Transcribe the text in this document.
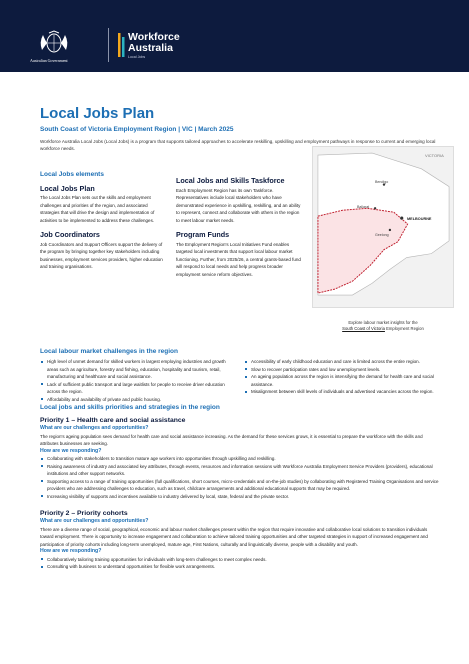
Australian Government
Workforce
Australia
Local Jobs
Local Jobs Plan
South Coast of Victoria Employment Region | VIC | March 2025
Workforce Australia Local Jobs (Local Jobs) is a program that supports tailored approaches to accelerate reskilling, upskilling and employment pathways in response to current and emerging local workforce needs.
Local Jobs elements
Local Jobs Plan
The Local Jobs Plan sets out the skills and employment challenges and priorities of the region, and associated strategies that will drive the design and implementation of activities to be implemented to address these challenges.
Job Coordinators
Job Coordinators and Support Officers support the delivery of the program by bringing together key stakeholders including businesses, employment services providers, higher education and training organisations.
Local Jobs and Skills Taskforce
Each Employment Region has its own Taskforce. Representatives include local stakeholders who have demonstrated experience in upskilling, reskilling, and an ability to represent, connect and collaborate with others in the region to meet labour market needs.
Program Funds
The Employment Region's Local Initiatives Fund enables targeted local investments that support local labour market functioning. Further, from 2025/26, a central grants-based fund will respond to local needs and help progress broader employment service reform objectives.
VICTORIA
Bendigo
Ballarat
MELBOURNE
Geelong
Explore labour market insights for the
South Coast of Victoria Employment Region
Local labour market challenges in the region
High level of unmet demand for skilled workers in largest employing industries and growth areas such as agriculture, forestry and fishing, education, hospitality and tourism, retail, manufacturing and healthcare and social assistance.
Lack of sufficient public transport and large waitlists for people to receive driver education across the region.
Affordability and availability of private and public housing.
Accessibility of early childhood education and care is limited across the entire region.
Slow to recover participation rates and low unemployment levels.
An ageing population across the region is intensifying the demand for health care and social assistance.
Misalignment between skill levels of individuals and advertised vacancies across the region.
Local jobs and skills priorities and strategies in the region
Priority 1 – Health care and social assistance
What are our challenges and opportunities?
The region's ageing population sees demand for health care and social assistance increasing. As the demand for these services grows, it is essential to prepare the workforce with the skills and attributes businesses are seeking.
How are we responding?
Collaborating with stakeholders to transition mature age workers into opportunities through upskilling and reskilling.
Raising awareness of industry and associated key attributes, through events, resources and information sessions with Workforce Australia Employment Service Providers (providers), educational institutions and other support networks.
Supporting access to a range of training opportunities (full qualifications, short courses, micro-credentials and on-the-job studies) by collaborating with Registered Training Organisations and service providers who are addressing challenges to education, such as travel, childcare arrangements and additional educational supports that may be required.
Increasing visibility of supports and incentives available to industry delivered by local, state, federal and the private sector.
Priority 2 – Priority cohorts
What are our challenges and opportunities?
There are a diverse range of social, geographical, economic and labour market challenges present within the region that require innovative and collaborative local solutions to transition individuals toward employment. There is opportunity to increase engagement and collaboration to achieve tailored training opportunities and other targeted strategies in support of increased engagement and participation of priority cohorts including long-term unemployed, mature age, First Nations, culturally and linguistically diverse, people with a disability and youth.
How are we responding?
Collaboratively tailoring training opportunities for individuals with long-term challenges to meet complex needs.
Consulting with business to understand opportunities for flexible work arrangements.
